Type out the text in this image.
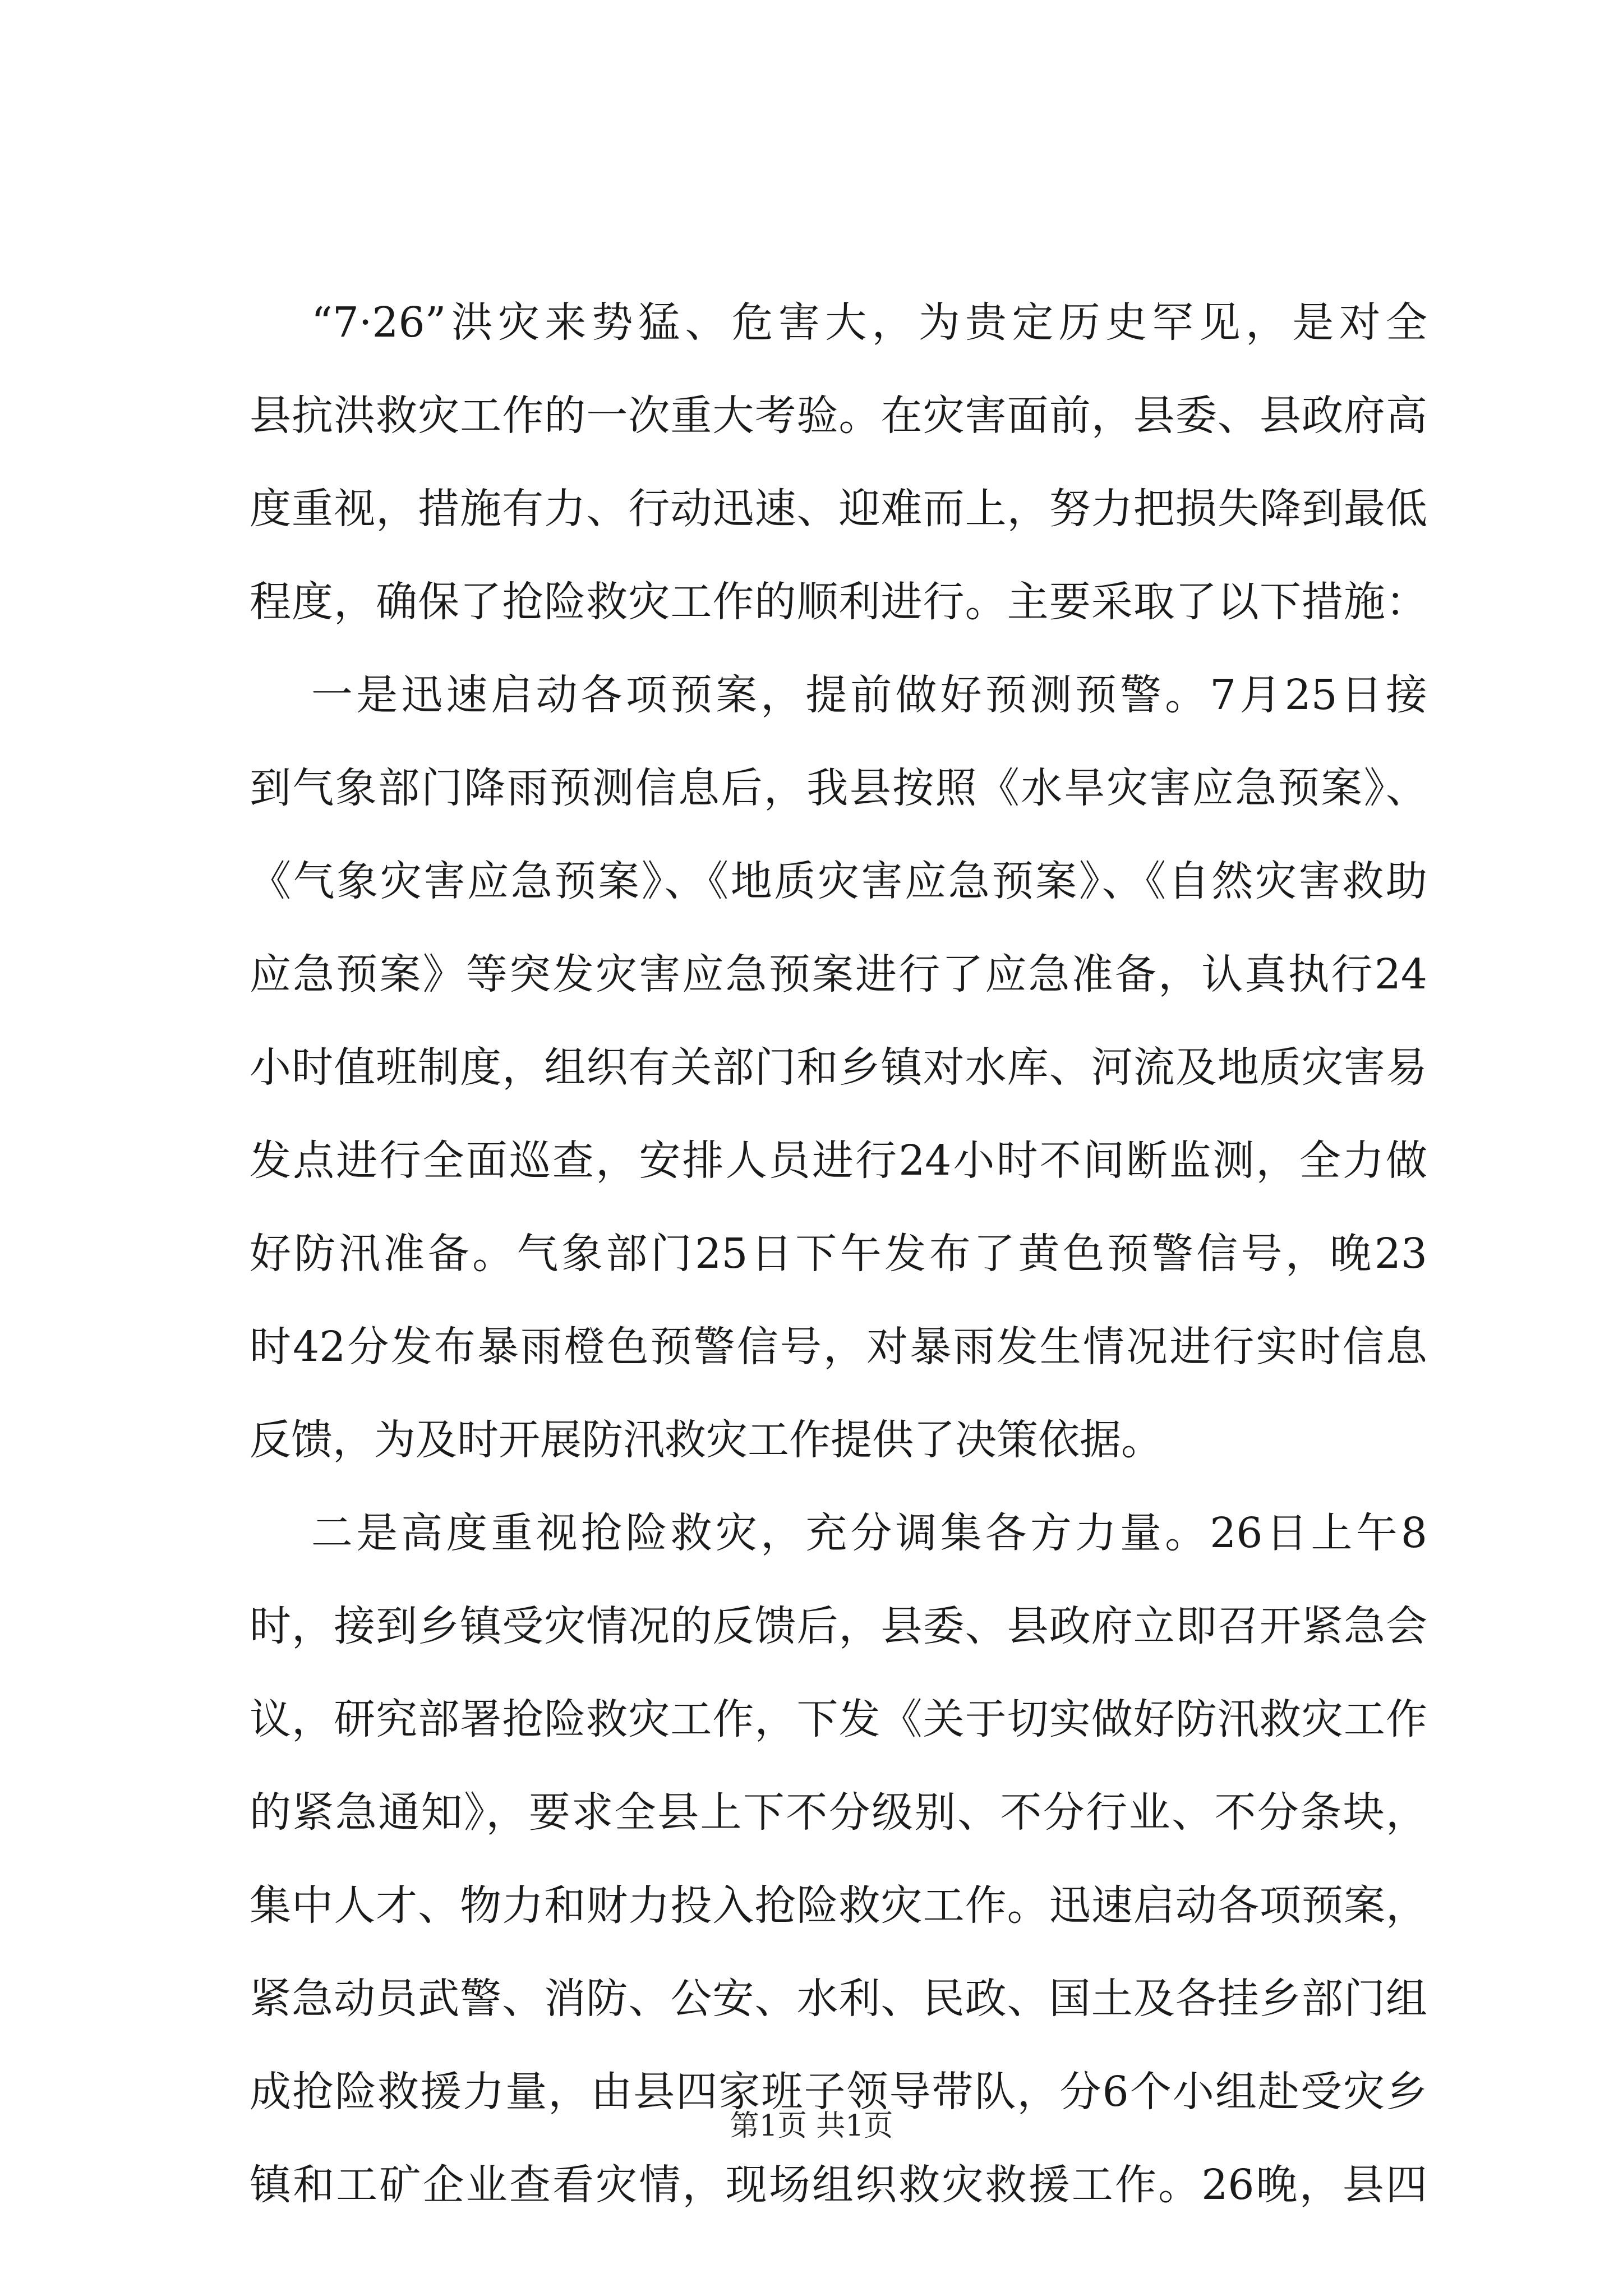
“7·26”洪灾来势猛、危害大，为贵定历史罕见，是对全
县抗洪救灾工作的一次重大考验。在灾害面前，县委、县政府高
度重视，措施有力、行动迅速、迎难而上，努力把损失降到最低
程度，确保了抢险救灾工作的顺利进行。主要采取了以下措施：
一是迅速启动各项预案，提前做好预测预警。7月25日接
到气象部门降雨预测信息后，我县按照《水旱灾害应急预案》、
《气象灾害应急预案》、《地质灾害应急预案》、《自然灾害救助
应急预案》等突发灾害应急预案进行了应急准备，认真执行24
小时值班制度，组织有关部门和乡镇对水库、河流及地质灾害易
发点进行全面巡查，安排人员进行24小时不间断监测，全力做
好防汛准备。气象部门25日下午发布了黄色预警信号，晚23
时42分发布暴雨橙色预警信号，对暴雨发生情况进行实时信息
反馈，为及时开展防汛救灾工作提供了决策依据。
二是高度重视抢险救灾，充分调集各方力量。26日上午8
时，接到乡镇受灾情况的反馈后，县委、县政府立即召开紧急会
议，研究部署抢险救灾工作，下发《关于切实做好防汛救灾工作
的紧急通知》，要求全县上下不分级别、不分行业、不分条块，
集中人才、物力和财力投入抢险救灾工作。迅速启动各项预案，
紧急动员武警、消防、公安、水利、民政、国土及各挂乡部门组
成抢险救援力量，由县四家班子领导带队，分6个小组赴受灾乡
镇和工矿企业查看灾情，现场组织救灾救援工作。26晚，县四
第1页 共1页
